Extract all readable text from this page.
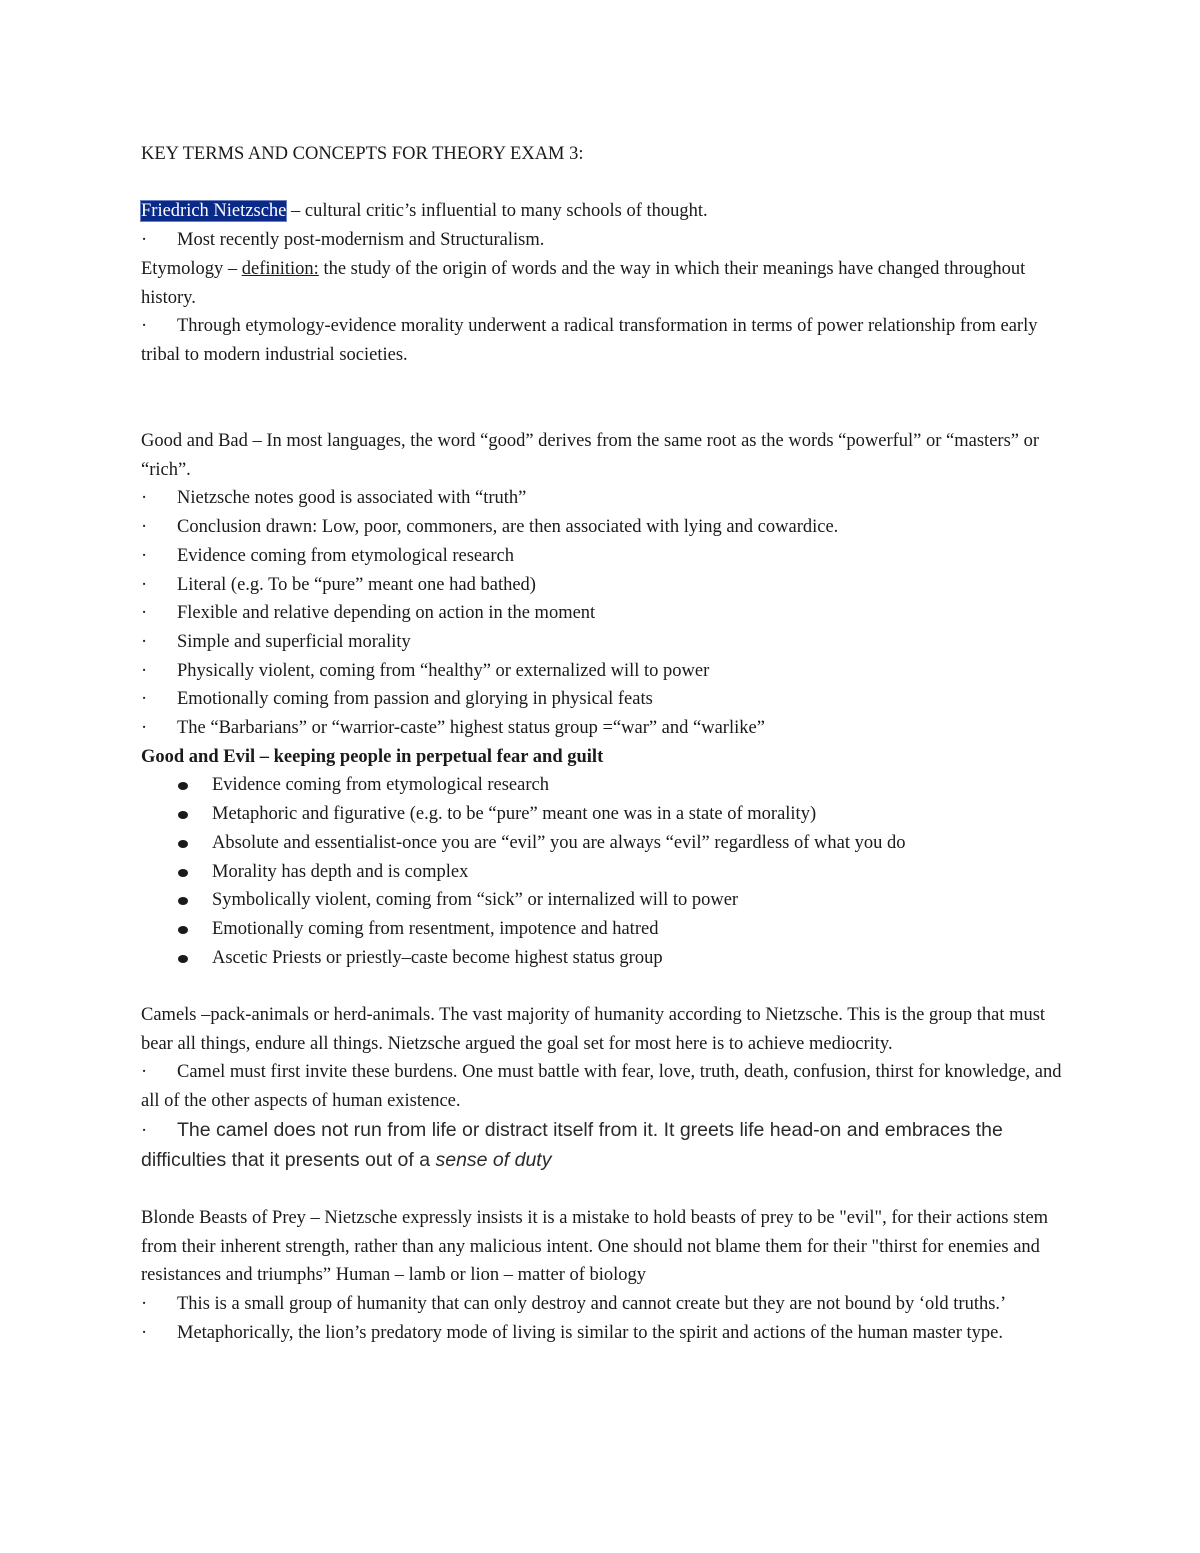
KEY TERMS AND CONCEPTS FOR THEORY EXAM 3:

Friedrich Nietzsche – cultural critic’s influential to many schools of thought.

· Most recently post-modernism and Structuralism.

Etymology – definition: the study of the origin of words and the way in which their meanings have changed throughout history.

· Through etymology-evidence morality underwent a radical transformation in terms of power relationship from early tribal to modern industrial societies.

Good and Bad – In most languages, the word “good” derives from the same root as the words “powerful” or “masters” or “rich”.

·	Nietzsche notes good is associated with “truth”

·	Conclusion drawn: Low, poor, commoners, are then associated with lying and cowardice.

·	Evidence coming from etymological research

·	Literal (e.g. To be “pure” meant one had bathed)

·	Flexible and relative depending on action in the moment

·	Simple and superficial morality

·	Physically violent, coming from “healthy” or externalized will to power

·	Emotionally coming from passion and glorying in physical feats

·	The “Barbarians” or “warrior-caste” highest status group =“war” and “warlike”

Good and Evil – keeping people in perpetual fear and guilt

Evidence coming from etymological research
Metaphoric and figurative (e.g. to be “pure” meant one was in a state of morality)
Absolute and essentialist-once you are “evil” you are always “evil” regardless of what you do
Morality has depth and is complex
Symbolically violent, coming from “sick” or internalized will to power
Emotionally coming from resentment, impotence and hatred
Ascetic Priests or priestly–caste become highest status group

Camels –pack-animals or herd-animals. The vast majority of humanity according to Nietzsche. This is the group that must bear all things, endure all things. Nietzsche argued the goal set for most here is to achieve mediocrity.

· Camel must first invite these burdens. One must battle with fear, love, truth, death, confusion, thirst for knowledge, and all of the other aspects of human existence.

· The camel does not run from life or distract itself from it. It greets life head-on and embraces the difficulties that it presents out of a sense of duty

Blonde Beasts of Prey – Nietzsche expressly insists it is a mistake to hold beasts of prey to be "evil", for their actions stem from their inherent strength, rather than any malicious intent. One should not blame them for their "thirst for enemies and resistances and triumphs” Human – lamb or lion – matter of biology

· This is a small group of humanity that can only destroy and cannot create but they are not bound by ‘old truths.’

· Metaphorically, the lion’s predatory mode of living is similar to the spirit and actions of the human master type.
